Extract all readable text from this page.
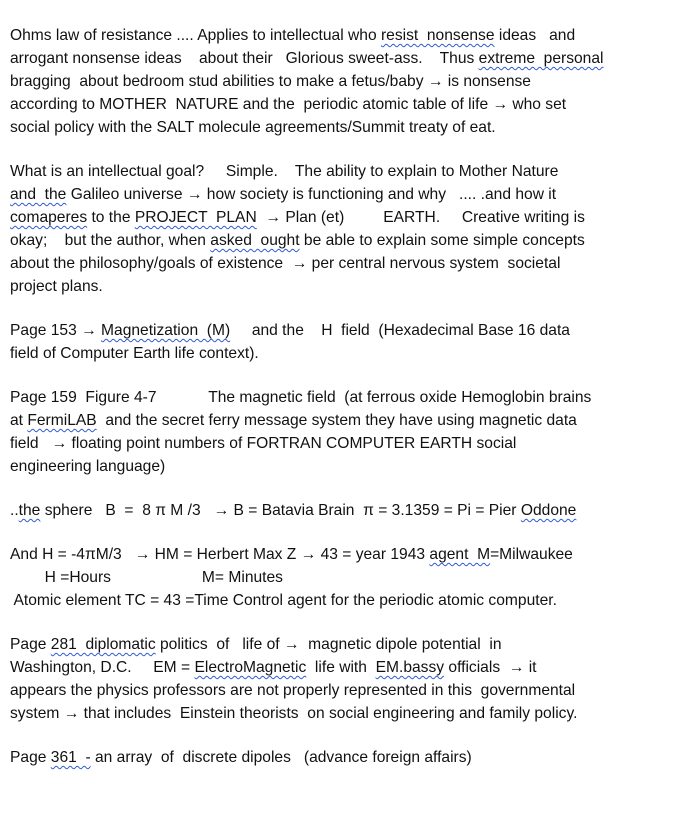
Ohms law of resistance .... Applies to intellectual who resist  nonsense ideas   and
arrogant nonsense ideas    about their   Glorious sweet-ass.    Thus extreme  personal
bragging  about bedroom stud abilities to make a fetus/baby → is nonsense
according to MOTHER  NATURE and the  periodic atomic table of life → who set
social policy with the SALT molecule agreements/Summit treaty of eat.
What is an intellectual goal?     Simple.    The ability to explain to Mother Nature
and  the Galileo universe → how society is functioning and why   .... .and how it
comaperes to the PROJECT  PLAN  → Plan (et)         EARTH.     Creative writing is
okay;    but the author, when asked  ought be able to explain some simple concepts
about the philosophy/goals of existence  → per central nervous system  societal
project plans.
Page 153 → Magnetization  (M)     and the    H  field  (Hexadecimal Base 16 data
field of Computer Earth life context).
Page 159  Figure 4-7            The magnetic field  (at ferrous oxide Hemoglobin brains
at FermiLAB  and the secret ferry message system they have using magnetic data
field   → floating point numbers of FORTRAN COMPUTER EARTH social
engineering language)
..the sphere   B  =  8 π M /3   → B = Batavia Brain  π = 3.1359 = Pi = Pier Oddone
And H = -4πM/3   → HM = Herbert Max Z → 43 = year 1943 agent  M=Milwaukee
H =Hours                     M= Minutes
Atomic element TC = 43 =Time Control agent for the periodic atomic computer.
Page 281  diplomatic politics  of   life of →  magnetic dipole potential  in
Washington, D.C.     EM = ElectroMagnetic  life with  EM.bassy officials  → it
appears the physics professors are not properly represented in this  governmental
system → that includes  Einstein theorists  on social engineering and family policy.
Page 361  - an array  of  discrete dipoles   (advance foreign affairs)
